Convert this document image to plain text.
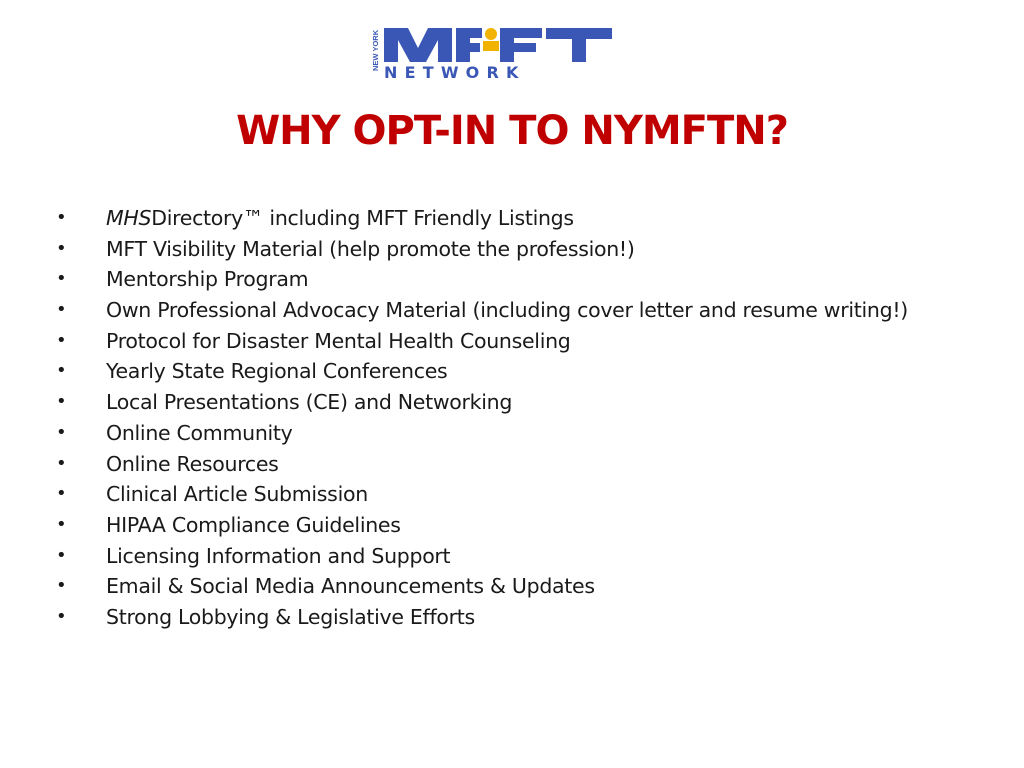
NEW YORK
NETWORK
WHY OPT-IN TO NYMFTN?
• MHSDirectory™ including MFT Friendly Listings
• MFT Visibility Material (help promote the profession!)
• Mentorship Program
• Own Professional Advocacy Material (including cover letter and resume writing!)
• Protocol for Disaster Mental Health Counseling
• Yearly State Regional Conferences
• Local Presentations (CE) and Networking
• Online Community
• Online Resources
• Clinical Article Submission
• HIPAA Compliance Guidelines
• Licensing Information and Support
• Email & Social Media Announcements & Updates
• Strong Lobbying & Legislative Efforts
